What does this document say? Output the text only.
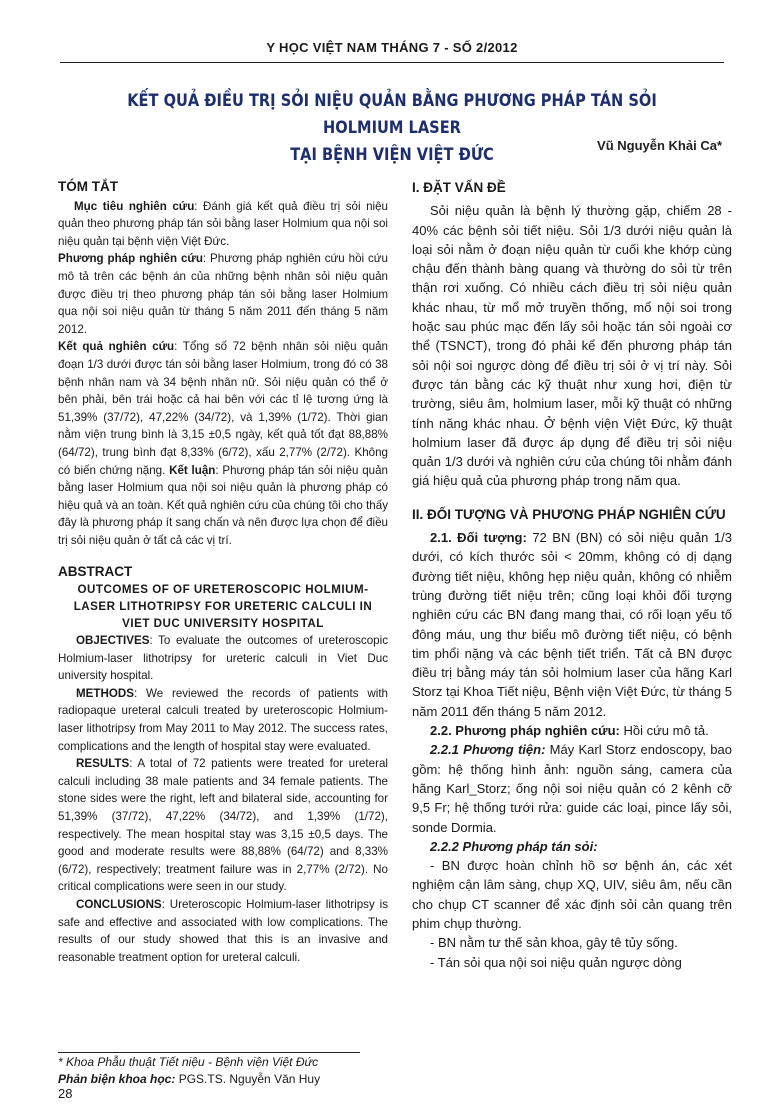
Y HỌC VIỆT NAM THÁNG 7 - SỐ 2/2012
KẾT QUẢ ĐIỀU TRỊ SỎI NIỆU QUẢN BẰNG PHƯƠNG PHÁP TÁN SỎI HOLMIUM LASER
TẠI BỆNH VIỆN VIỆT ĐỨC	Vũ Nguyễn Khải Ca*
TÓM TẮT

Mục tiêu nghiên cứu: Đánh giá kết quả điều trị sỏi niệu quản theo phương pháp tán sỏi bằng laser Holmium qua nội soi niệu quản tại bệnh viện Việt Đức.

Phương pháp nghiên cứu: Phương pháp nghiên cứu hồi cứu mô tả trên các bệnh án của những bệnh nhân sỏi niệu quản được điều trị theo phương pháp tán sỏi bằng laser Holmium qua nội soi niệu quản từ tháng 5 năm 2011 đến tháng 5 năm 2012.

Kết quả nghiên cứu: Tổng số 72 bệnh nhân sỏi niệu quản đoạn 1/3 dưới được tán sỏi bằng laser Holmium, trong đó có 38 bệnh nhân nam và 34 bệnh nhân nữ. Sỏi niệu quản có thể ở bên phải, bên trái hoặc cả hai bên với các tỉ lệ tương ứng là 51,39% (37/72), 47,22% (34/72), và 1,39% (1/72). Thời gian nằm viện trung bình là 3,15 ±0,5 ngày, kết quả tốt đạt 88,88% (64/72), trung bình đạt 8,33% (6/72), xấu 2,77% (2/72). Không có biến chứng nặng. Kết luận: Phương pháp tán sỏi niệu quản bằng laser Holmium qua nội soi niệu quản là phương pháp có hiệu quả và an toàn. Kết quả nghiên cứu của chúng tôi cho thấy đây là phương pháp ít sang chấn và nên được lựa chọn để điều trị sỏi niệu quản ở tất cả các vị trí.

ABSTRACT
OUTCOMES OF OF URETEROSCOPIC HOLMIUM-LASER LITHOTRIPSY FOR URETERIC CALCULI IN VIET DUC UNIVERSITY HOSPITAL

OBJECTIVES: To evaluate the outcomes of ureteroscopic Holmium-laser lithotripsy for ureteric calculi in Viet Duc university hospital.

METHODS: We reviewed the records of patients with radiopaque ureteral calculi treated by ureteroscopic Holmium-laser lithotripsy from May 2011 to May 2012. The success rates, complications and the length of hospital stay were evaluated.

RESULTS: A total of 72 patients were treated for ureteral calculi including 38 male patients and 34 female patients. The stone sides were the right, left and bilateral side, accounting for 51,39% (37/72), 47,22% (34/72), and 1,39% (1/72), respectively. The mean hospital stay was 3,15 ±0,5 days. The good and moderate results were 88,88% (64/72) and 8,33% (6/72), respectively; treatment failure was in 2,77% (2/72). No critical complications were seen in our study.

CONCLUSIONS: Ureteroscopic Holmium-laser lithotripsy is safe and effective and associated with low complications. The results of our study showed that this is an invasive and reasonable treatment option for ureteral calculi.

I. ĐẶT VẤN ĐỀ

Sỏi niệu quản là bệnh lý thường gặp, chiếm 28 - 40% các bệnh sỏi tiết niệu. Sỏi 1/3 dưới niệu quản là loại sỏi nằm ở đoạn niệu quản từ cuối khe khớp cùng chậu đến thành bàng quang và thường do sỏi từ trên thận rơi xuống. Có nhiều cách điều trị sỏi niệu quản khác nhau, từ mổ mở truyền thống, mổ nội soi trong hoặc sau phúc mạc đến lấy sỏi hoặc tán sỏi ngoài cơ thể (TSNCT), trong đó phải kể đến phương pháp tán sỏi nội soi ngược dòng để điều trị sỏi ở vị trí này. Sỏi được tán bằng các kỹ thuật như xung hơi, điện từ trường, siêu âm, holmium laser, mỗi kỹ thuật có những tính năng khác nhau. Ở bệnh viện Việt Đức, kỹ thuật holmium laser đã được áp dụng để điều trị sỏi niệu quản 1/3 dưới và nghiên cứu của chúng tôi nhằm đánh giá hiệu quả của phương pháp trong năm qua.

II. ĐỐI TƯỢNG VÀ PHƯƠNG PHÁP NGHIÊN CỨU

2.1. Đối tượng: 72 BN (BN) có sỏi niệu quản 1/3 dưới, có kích thước sỏi < 20mm, không có dị dạng đường tiết niệu, không hẹp niệu quản, không có nhiễm trùng đường tiết niệu trên; cũng loại khỏi đối tượng nghiên cứu các BN đang mang thai, có rối loạn yếu tố đông máu, ung thư biểu mô đường tiết niệu, có bệnh tim phổi nặng và các bệnh tiết triển. Tất cả BN được điều trị bằng máy tán sỏi holmium laser của hãng Karl Storz tại Khoa Tiết niệu, Bệnh viện Việt Đức, từ tháng 5 năm 2011 đến tháng 5 năm 2012.

2.2. Phương pháp nghiên cứu: Hồi cứu mô tả.

2.2.1 Phương tiện: Máy Karl Storz endoscopy, bao gồm: hệ thống hình ảnh: nguồn sáng, camera của hãng Karl_Storz; ống nội soi niệu quản có 2 kênh cỡ 9,5 Fr; hệ thống tưới rửa: guide các loại, pince lấy sỏi, sonde Dormia.

2.2.2 Phương pháp tán sỏi:

- BN được hoàn chỉnh hồ sơ bệnh án, các xét nghiệm cận lâm sàng, chụp XQ, UIV, siêu âm, nếu cần cho chụp CT scanner để xác định sỏi cản quang trên phim chụp thường.

- BN nằm tư thế sản khoa, gây tê tủy sống.

- Tán sỏi qua nội soi niệu quản ngược dòng

* Khoa Phẫu thuật Tiết niệu - Bệnh viện Việt Đức
Phản biện khoa học: PGS.TS. Nguyễn Văn Huy
28
